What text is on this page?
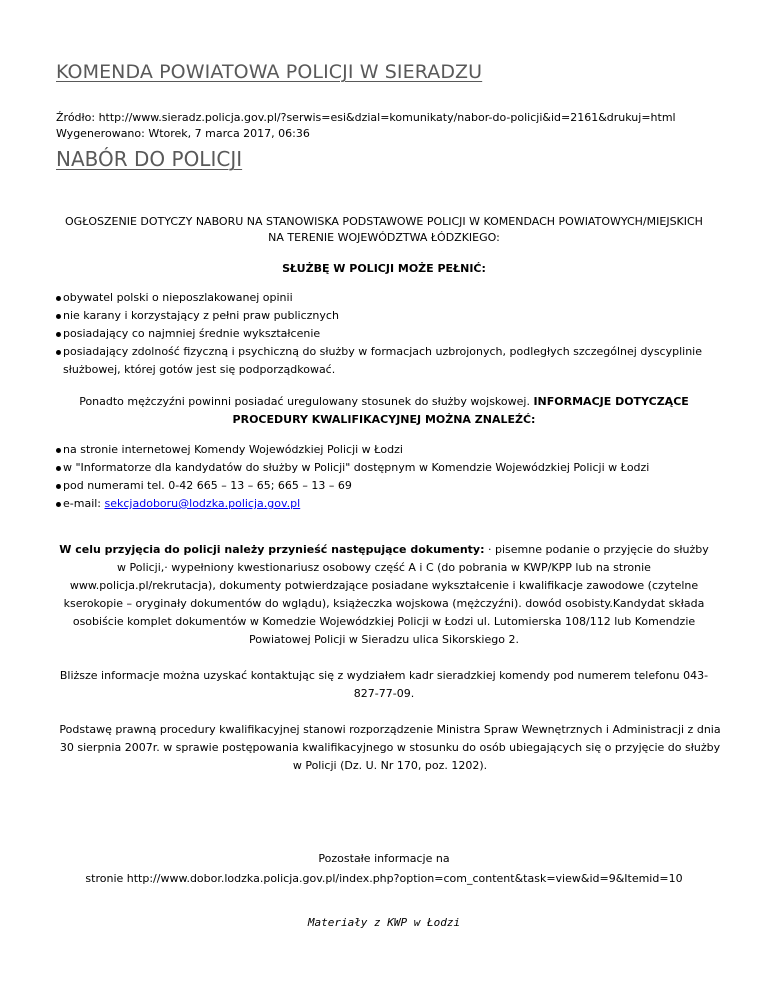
KOMENDA POWIATOWA POLICJI W SIERADZU
Źródło: http://www.sieradz.policja.gov.pl/?serwis=esi&dzial=komunikaty/nabor-do-policji&id=2161&drukuj=html
Wygenerowano: Wtorek, 7 marca 2017, 06:36
NABÓR DO POLICJI

OGŁOSZENIE DOTYCZY NABORU NA STANOWISKA PODSTAWOWE POLICJI W KOMENDACH POWIATOWYCH/MIEJSKICH NA TERENIE WOJEWÓDZTWA ŁÓDZKIEGO:

SŁUŻBĘ W POLICJI MOŻE PEŁNIĆ:

obywatel polski o nieposzlakowanej opinii
nie karany i korzystający z pełni praw publicznych
posiadający co najmniej średnie wykształcenie
posiadający zdolność fizyczną i psychiczną do służby w formacjach uzbrojonych, podległych szczególnej dyscyplinie służbowej, której gotów jest się podporządkować.

Ponadto mężczyźni powinni posiadać uregulowany stosunek do służby wojskowej. INFORMACJE DOTYCZĄCE PROCEDURY KWALIFIKACYJNEJ MOŻNA ZNALEŹĆ:

na stronie internetowej Komendy Wojewódzkiej Policji w Łodzi
w "Informatorze dla kandydatów do służby w Policji" dostępnym w Komendzie Wojewódzkiej Policji w Łodzi
pod numerami tel. 0-42 665 – 13 – 65; 665 – 13 – 69
e-mail: sekcjadoboru@lodzka.policja.gov.pl

W celu przyjęcia do policji należy przynieść następujące dokumenty: · pisemne podanie o przyjęcie do służby w Policji,· wypełniony kwestionariusz osobowy część A i C (do pobrania w KWP/KPP lub na stronie www.policja.pl/rekrutacja), dokumenty potwierdzające posiadane wykształcenie i kwalifikacje zawodowe (czytelne kserokopie – oryginały dokumentów do wglądu), książeczka wojskowa (mężczyźni). dowód osobisty.Kandydat składa osobiście komplet dokumentów w Komedzie Wojewódzkiej Policji w Łodzi ul. Lutomierska 108/112 lub Komendzie Powiatowej Policji w Sieradzu ulica Sikorskiego 2.

Bliższe informacje można uzyskać kontaktując się z wydziałem kadr sieradzkiej komendy pod numerem telefonu 043-827-77-09.

Podstawę prawną procedury kwalifikacyjnej stanowi rozporządzenie Ministra Spraw Wewnętrznych i Administracji z dnia 30 sierpnia 2007r. w sprawie postępowania kwalifikacyjnego w stosunku do osób ubiegających się o przyjęcie do służby w Policji (Dz. U. Nr 170, poz. 1202).

Pozostałe informacje na
stronie http://www.dobor.lodzka.policja.gov.pl/index.php?option=com_content&task=view&id=9&Itemid=10
Materiały z KWP w Łodzi
